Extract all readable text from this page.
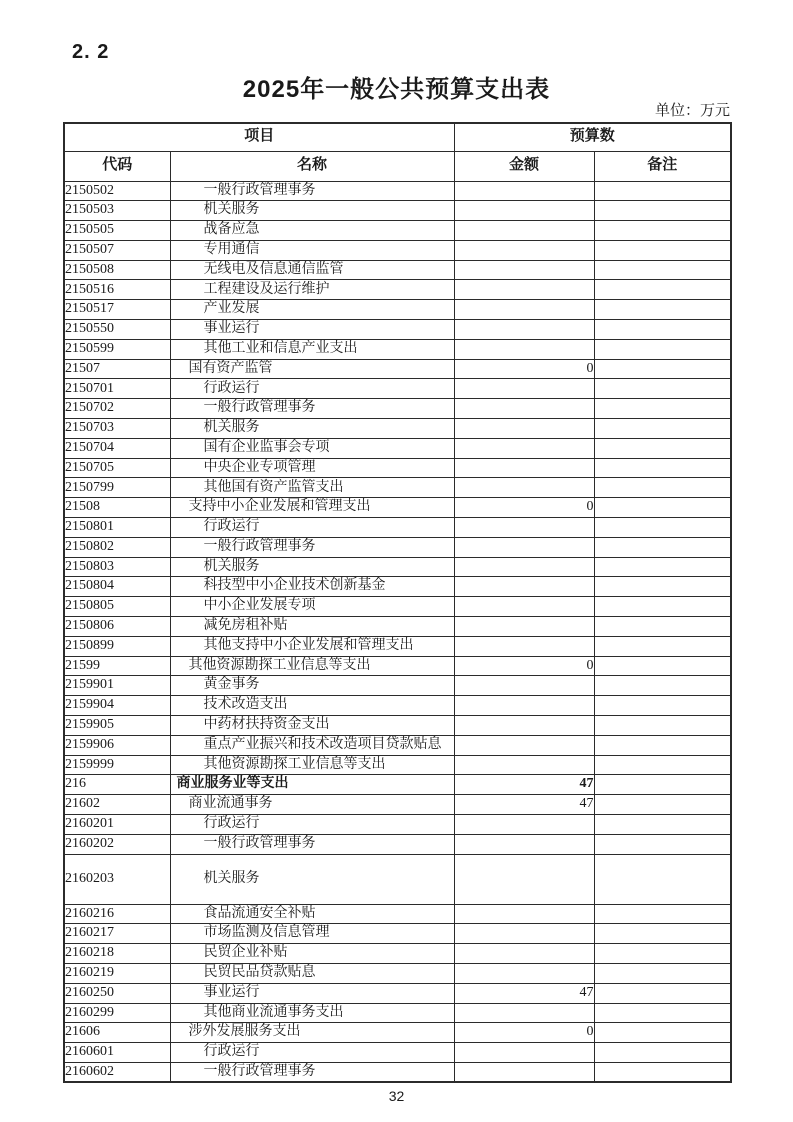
2. 2
2025年一般公共预算支出表
单位：万元
项目		预算数	
代码	名称	金额	备注
2150502	一般行政管理事务		
2150503	机关服务		
2150505	战备应急		
2150507	专用通信		
2150508	无线电及信息通信监管		
2150516	工程建设及运行维护		
2150517	产业发展		
2150550	事业运行		
2150599	其他工业和信息产业支出		
21507	国有资产监管	0	
2150701	行政运行		
2150702	一般行政管理事务		
2150703	机关服务		
2150704	国有企业监事会专项		
2150705	中央企业专项管理		
2150799	其他国有资产监管支出		
21508	支持中小企业发展和管理支出	0	
2150801	行政运行		
2150802	一般行政管理事务		
2150803	机关服务		
2150804	科技型中小企业技术创新基金		
2150805	中小企业发展专项		
2150806	减免房租补贴		
2150899	其他支持中小企业发展和管理支出		
21599	其他资源勘探工业信息等支出	0	
2159901	黄金事务		
2159904	技术改造支出		
2159905	中药材扶持资金支出		
2159906	重点产业振兴和技术改造项目贷款贴息		
2159999	其他资源勘探工业信息等支出		
216	商业服务业等支出	47	
21602	商业流通事务	47	
2160201	行政运行		
2160202	一般行政管理事务		
2160203	机关服务		
2160216	食品流通安全补贴		
2160217	市场监测及信息管理		
2160218	民贸企业补贴		
2160219	民贸民品贷款贴息		
2160250	事业运行	47	
2160299	其他商业流通事务支出		
21606	涉外发展服务支出	0	
2160601	行政运行		
2160602	一般行政管理事务		
32
